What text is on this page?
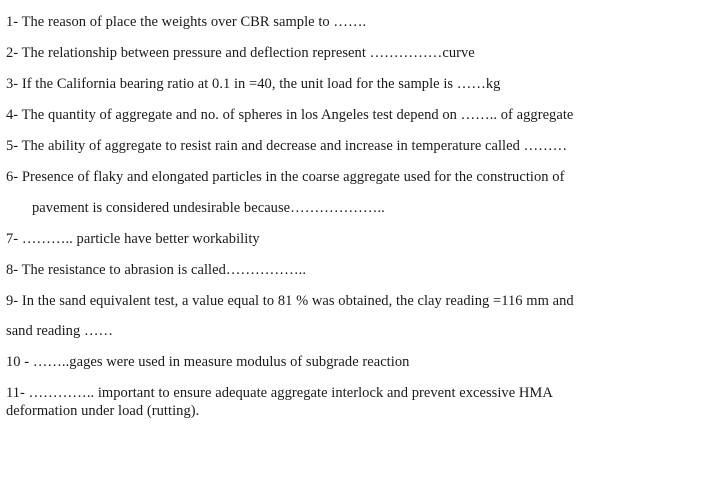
1- The reason of place the weights over CBR sample to …….
2- The relationship between pressure and deflection represent ……………curve
3- If the California bearing ratio at 0.1 in =40, the unit load for the sample is ……kg
4- The quantity of aggregate and no. of spheres in los Angeles test depend on …….. of aggregate
5- The ability of aggregate to resist rain and decrease and increase in temperature called ………
6- Presence of flaky and elongated particles in the coarse aggregate used for the construction of
pavement is considered undesirable because………………..
7- ……….. particle have better workability
8- The resistance to abrasion is called……………..
9- In the sand equivalent test, a value equal to 81 % was obtained, the clay reading =116 mm and
sand reading ……
10 - ……..gages were used in measure modulus of subgrade reaction
11- ………….. important to ensure adequate aggregate interlock and prevent excessive HMA
deformation under load (rutting).
